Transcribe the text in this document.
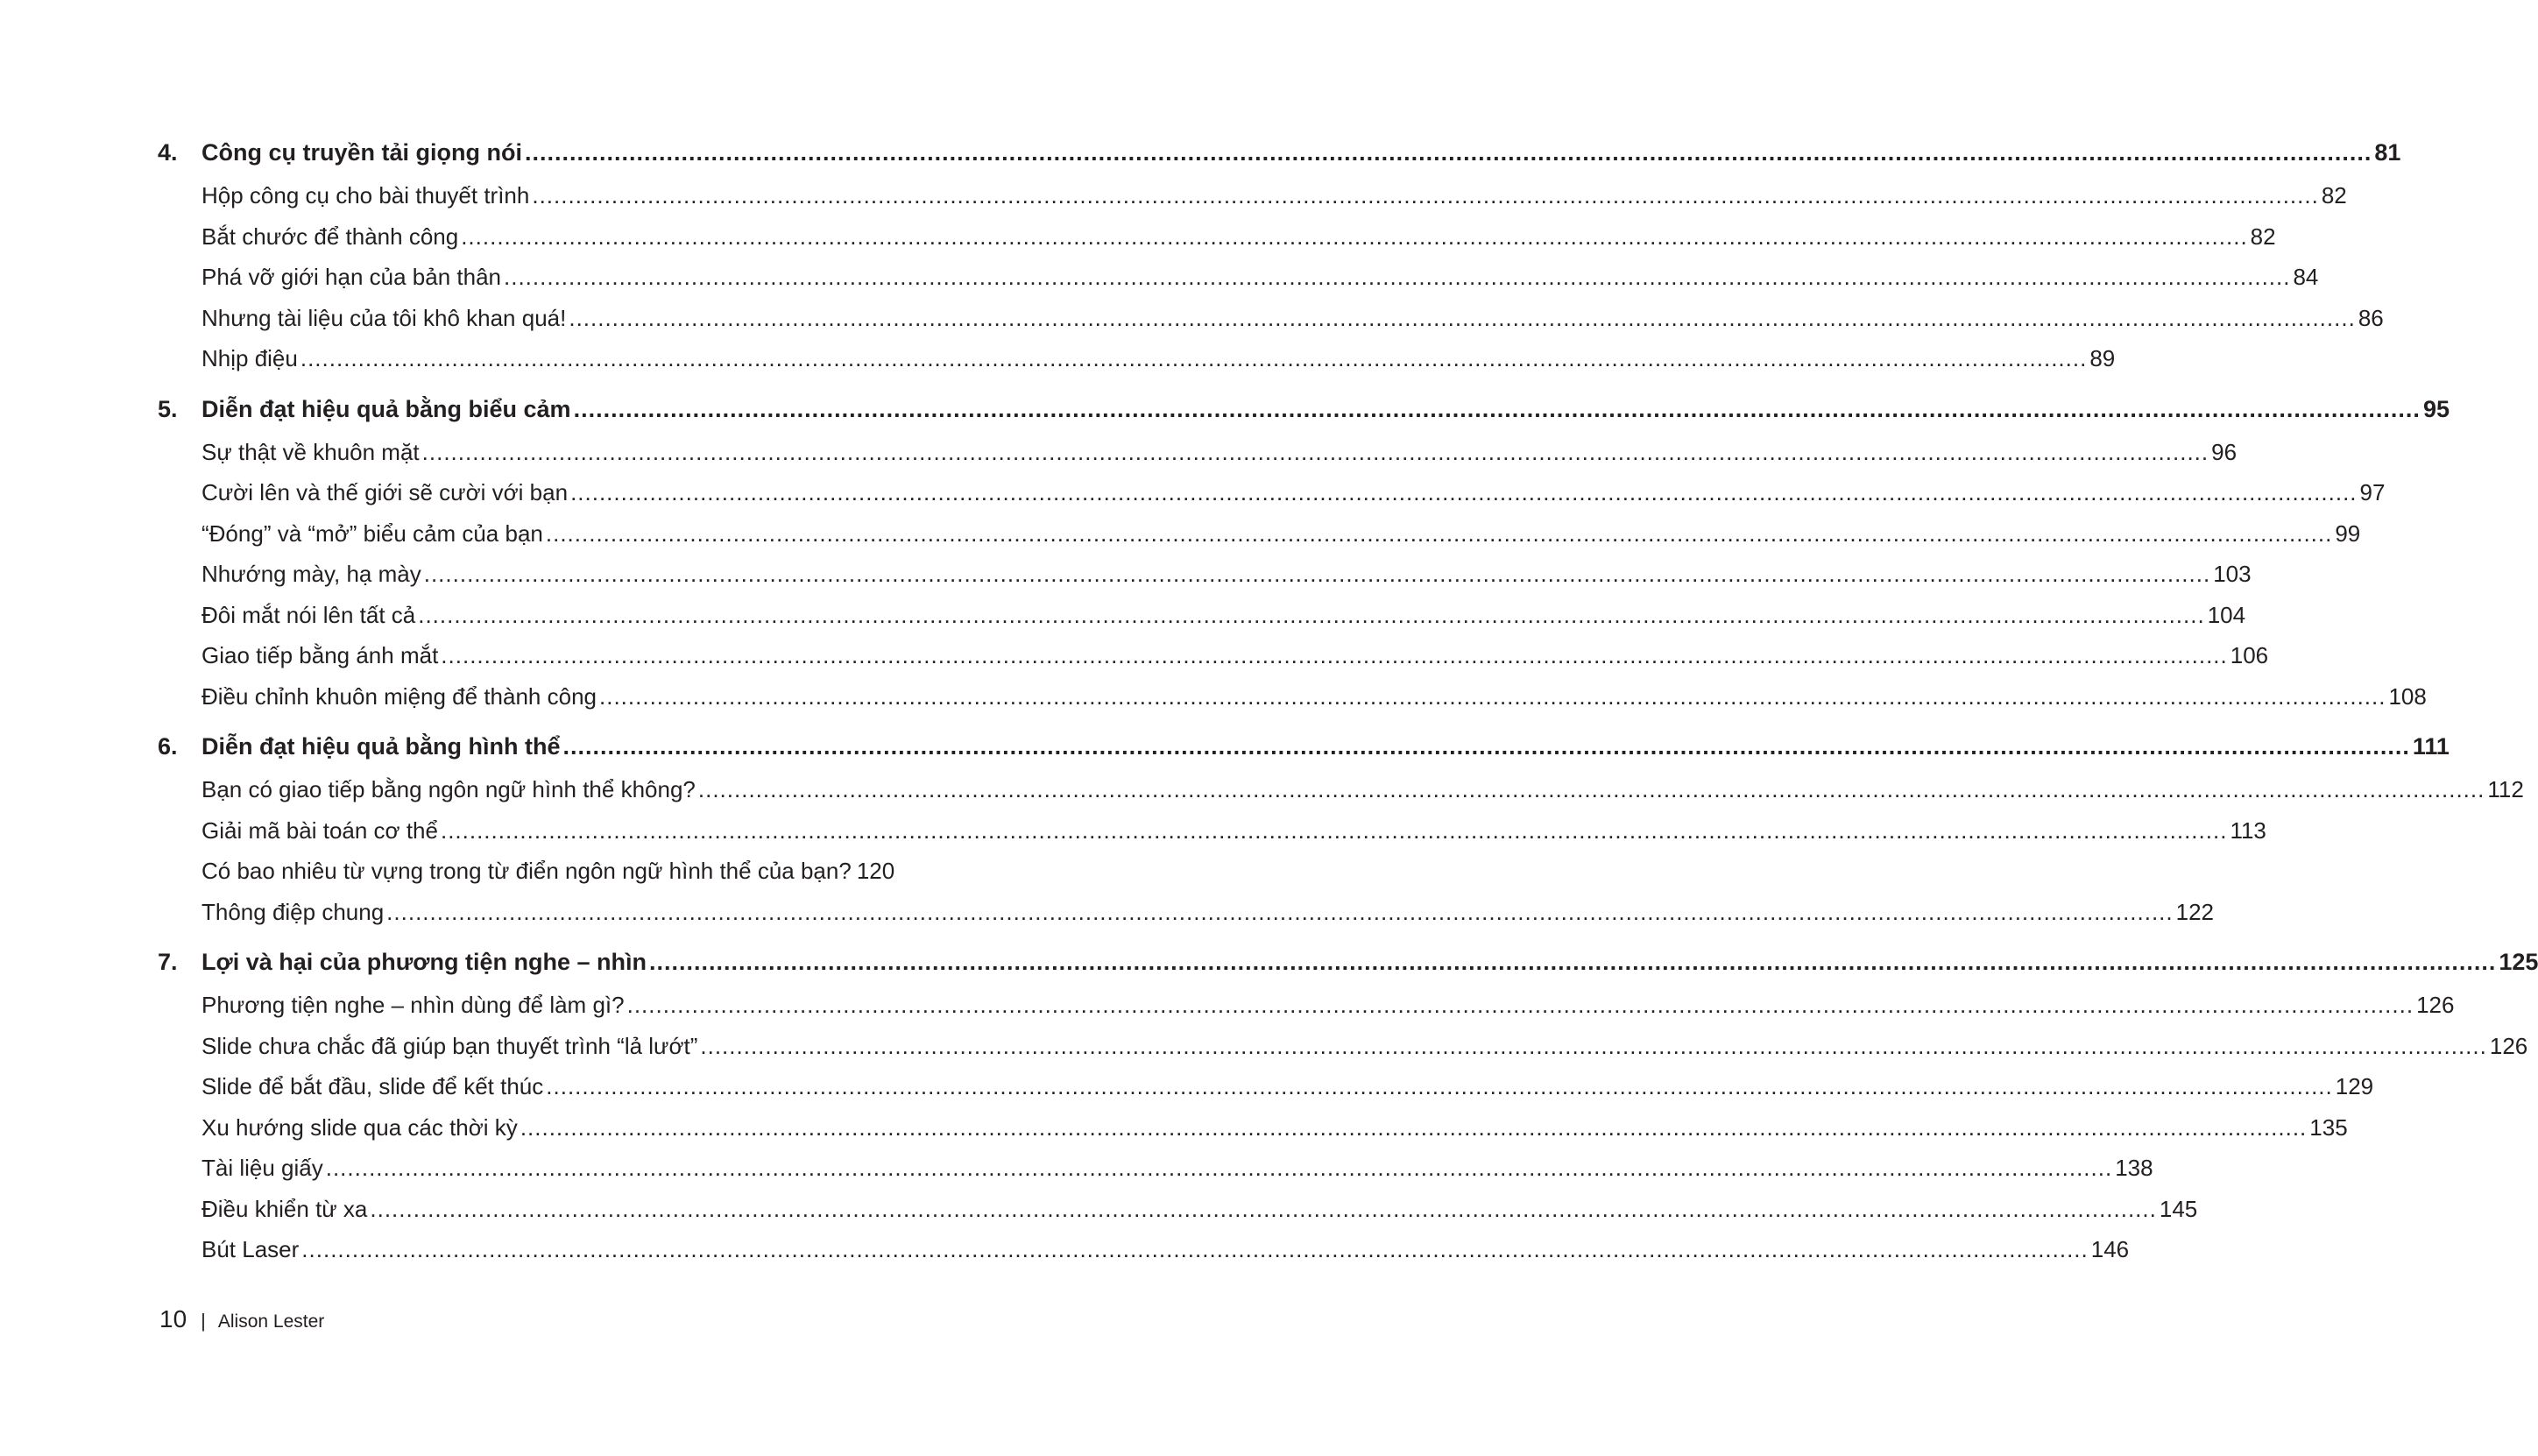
4.	Công cụ truyền tải giọng nói .....	81
Hộp công cụ cho bài thuyết trình .....	82
Bắt chước để thành công .....	82
Phá vỡ giới hạn của bản thân .....	84
Nhưng tài liệu của tôi khô khan quá! .....	86
Nhịp điệu .....	89
5.	Diễn đạt hiệu quả bằng biểu cảm .....	95
Sự thật về khuôn mặt .....	96
Cười lên và thế giới sẽ cười với bạn .....	97
“Đóng” và “mở” biểu cảm của bạn .....	99
Nhướng mày, hạ mày .....	103
Đôi mắt nói lên tất cả .....	104
Giao tiếp bằng ánh mắt .....	106
Điều chỉnh khuôn miệng để thành công .....	108
6.	Diễn đạt hiệu quả bằng hình thể .....	111
Bạn có giao tiếp bằng ngôn ngữ hình thể không? .....	112
Giải mã bài toán cơ thể .....	113
Có bao nhiêu từ vựng trong từ điển ngôn ngữ hình thể của bạn? 120
Thông điệp chung .....	122
7.	Lợi và hại của phương tiện nghe – nhìn .....	125
Phương tiện nghe – nhìn dùng để làm gì? .....	126
Slide chưa chắc đã giúp bạn thuyết trình “lả lướt” .....	126
Slide để bắt đầu, slide để kết thúc .....	129
Xu hướng slide qua các thời kỳ .....	135
Tài liệu giấy .....	138
Điều khiển từ xa .....	145
Bút Laser .....	146
10 | Alison Lester
